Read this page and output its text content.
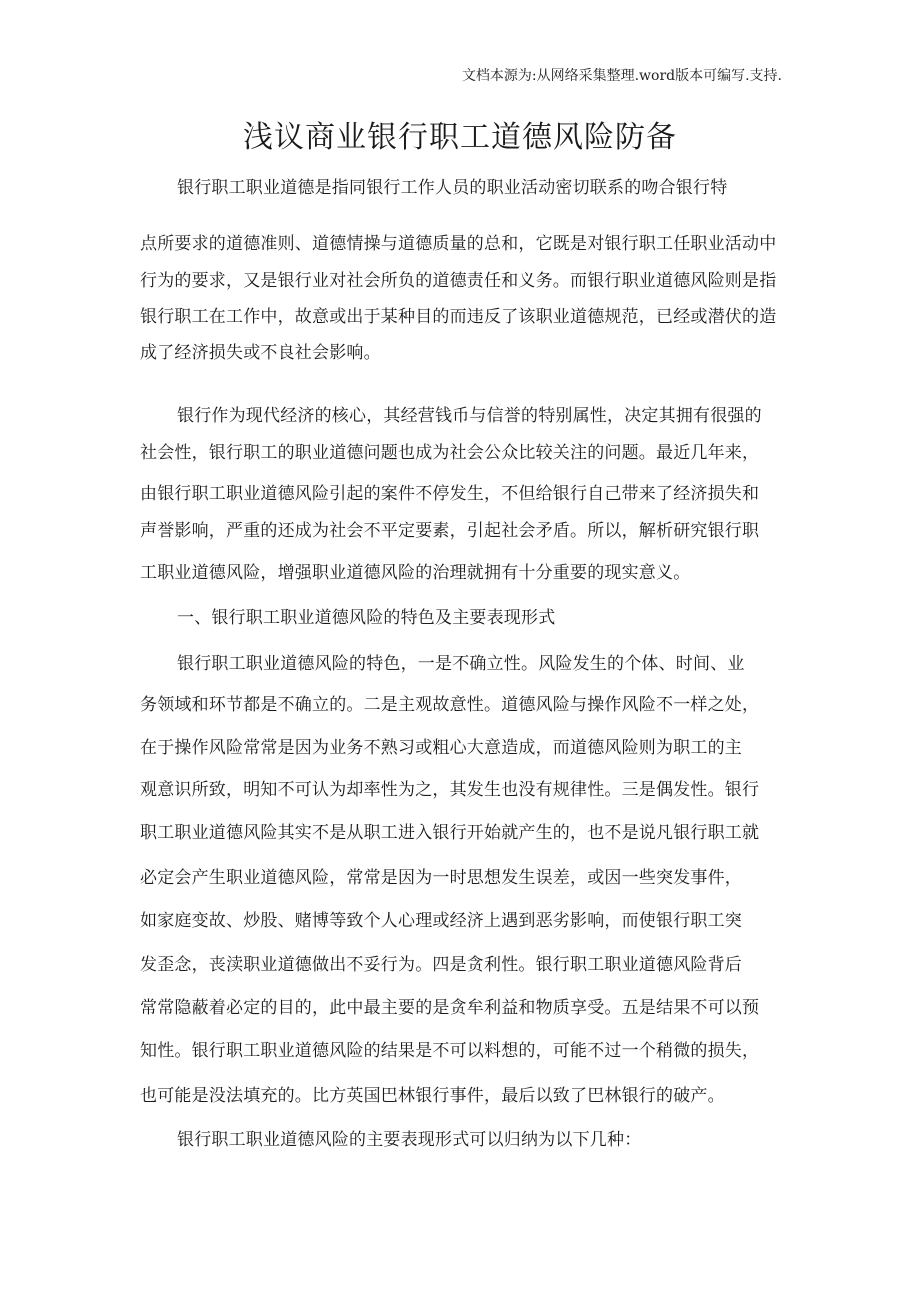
文档本源为:从网络采集整理.word版本可编写.支持.
浅议商业银行职工道德风险防备
银行职工职业道德是指同银行工作人员的职业活动密切联系的吻合银行特
点所要求的道德准则、道德情操与道德质量的总和，它既是对银行职工任职业活动中
行为的要求，又是银行业对社会所负的道德责任和义务。而银行职业道德风险则是指
银行职工在工作中，故意或出于某种目的而违反了该职业道德规范，已经或潜伏的造
成了经济损失或不良社会影响。
银行作为现代经济的核心，其经营钱币与信誉的特别属性，决定其拥有很强的
社会性，银行职工的职业道德问题也成为社会公众比较关注的问题。最近几年来，
由银行职工职业道德风险引起的案件不停发生，不但给银行自己带来了经济损失和
声誉影响，严重的还成为社会不平定要素，引起社会矛盾。所以，解析研究银行职
工职业道德风险，增强职业道德风险的治理就拥有十分重要的现实意义。
一、银行职工职业道德风险的特色及主要表现形式
银行职工职业道德风险的特色，一是不确立性。风险发生的个体、时间、业
务领域和环节都是不确立的。二是主观故意性。道德风险与操作风险不一样之处，
在于操作风险常常是因为业务不熟习或粗心大意造成，而道德风险则为职工的主
观意识所致，明知不可认为却率性为之，其发生也没有规律性。三是偶发性。银行
职工职业道德风险其实不是从职工进入银行开始就产生的，也不是说凡银行职工就
必定会产生职业道德风险，常常是因为一时思想发生误差，或因一些突发事件，
如家庭变故、炒股、赌博等致个人心理或经济上遇到恶劣影响，而使银行职工突
发歪念，丧渎职业道德做出不妥行为。四是贪利性。银行职工职业道德风险背后
常常隐蔽着必定的目的，此中最主要的是贪牟利益和物质享受。五是结果不可以预
知性。银行职工职业道德风险的结果是不可以料想的，可能不过一个稍微的损失，
也可能是没法填充的。比方英国巴林银行事件，最后以致了巴林银行的破产。
银行职工职业道德风险的主要表现形式可以归纳为以下几种：
